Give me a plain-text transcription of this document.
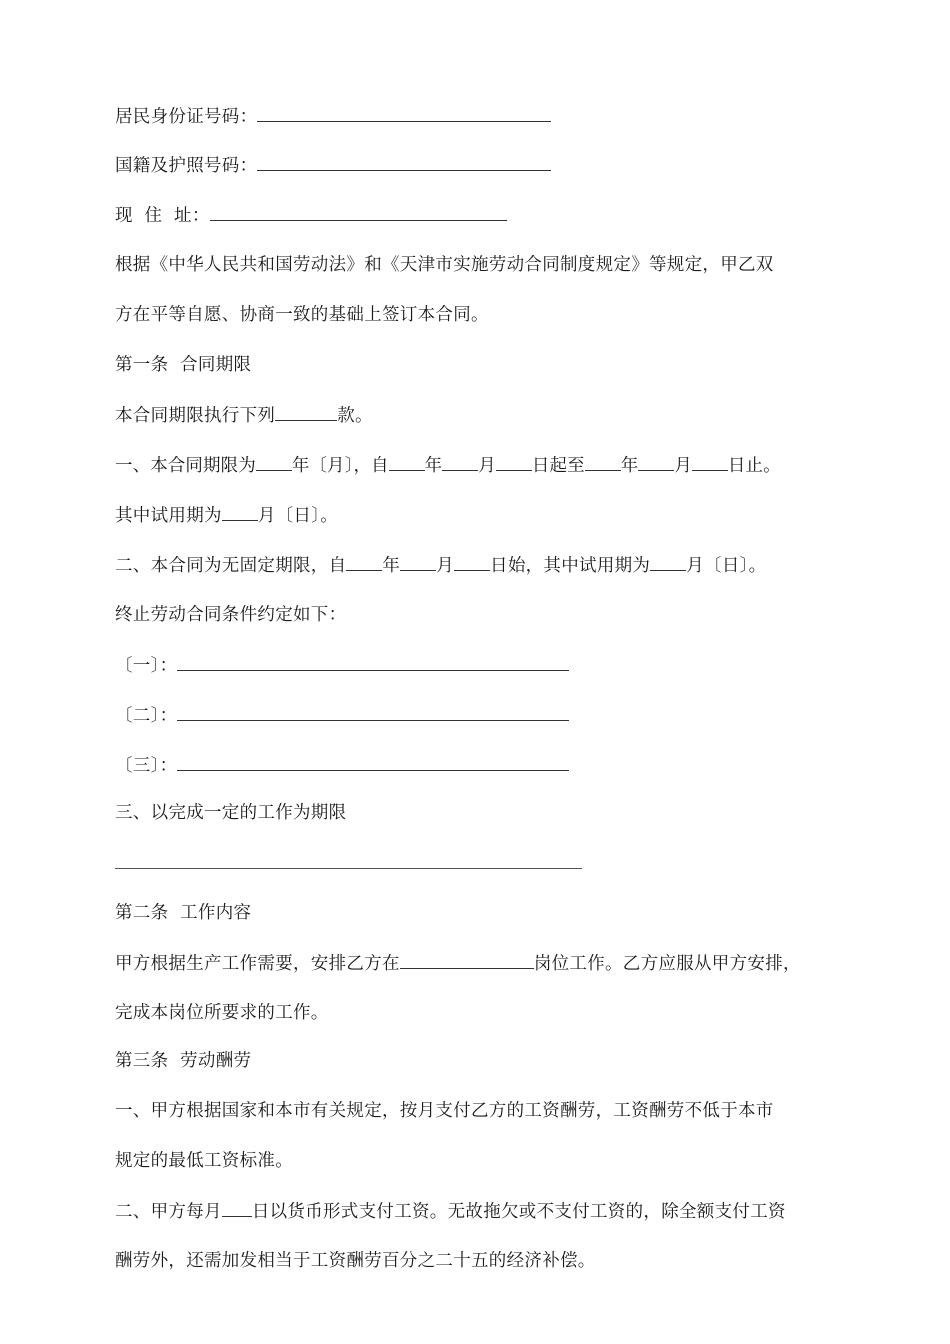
居民身份证号码：
国籍及护照号码：
现  住  址：
根据《中华人民共和国劳动法》和《天津市实施劳动合同制度规定》等规定，甲乙双
方在平等自愿、协商一致的基础上签订本合同。
第一条  合同期限
本合同期限执行下列	款。
一、本合同期限为 年〔月〕，自 年 月 日起至 年 月 日止。
其中试用期为 月〔日〕。
二、本合同为无固定期限，自 年 月 日始，其中试用期为 月〔日〕。
终止劳动合同条件约定如下：
〔一〕：
〔二〕：
〔三〕：
三、以完成一定的工作为期限
第二条  工作内容
甲方根据生产工作需要，安排乙方在	岗位工作。乙方应服从甲方安排，
完成本岗位所要求的工作。
第三条  劳动酬劳
一、甲方根据国家和本市有关规定，按月支付乙方的工资酬劳，工资酬劳不低于本市
规定的最低工资标准。
二、甲方每月 日以货币形式支付工资。无故拖欠或不支付工资的，除全额支付工资
酬劳外，还需加发相当于工资酬劳百分之二十五的经济补偿。
